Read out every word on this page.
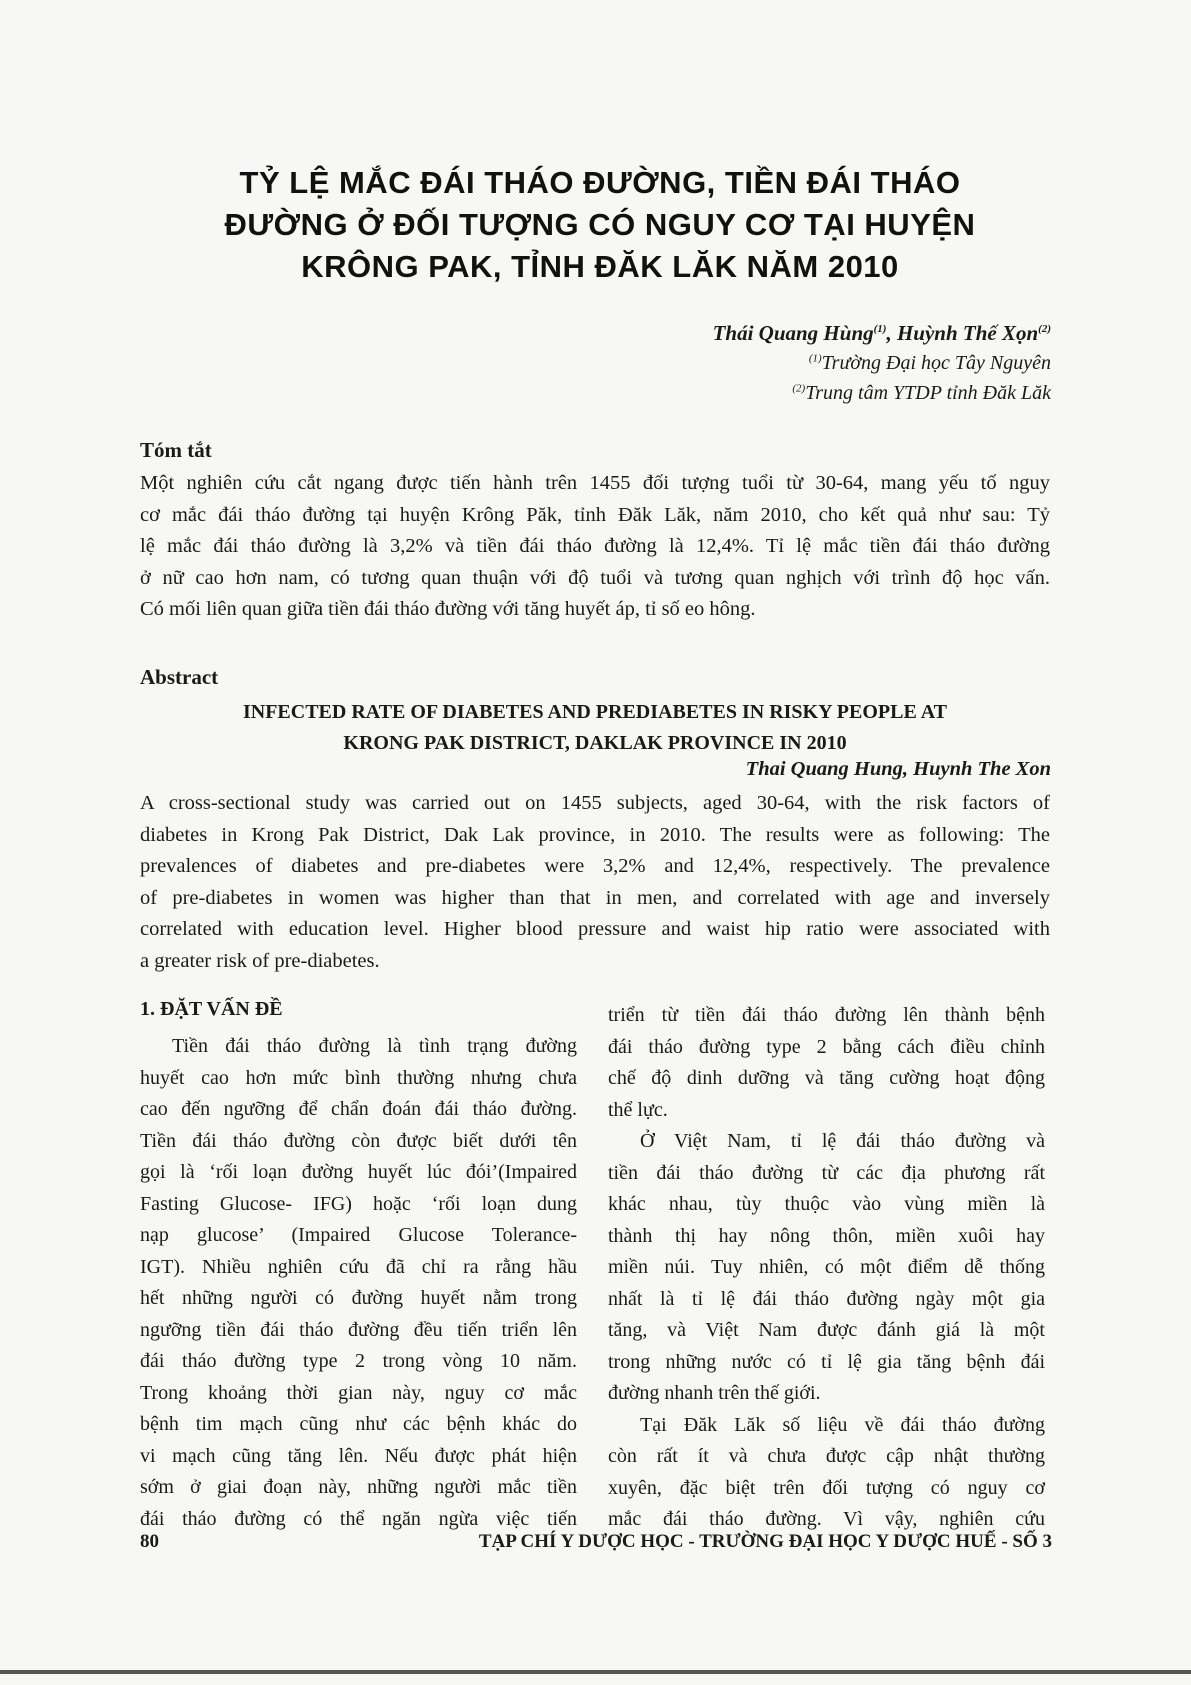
TỶ LỆ MẮC ĐÁI THÁO ĐƯỜNG, TIỀN ĐÁI THÁO
ĐƯỜNG Ở ĐỐI TƯỢNG CÓ NGUY CƠ TẠI HUYỆN
KRÔNG PAK, TỈNH ĐĂK LĂK NĂM 2010
Thái Quang Hùng$^{(1)}$, Huỳnh Thế Xọn$^{(2)}$
$^{(1)}$Trường Đại học Tây Nguyên
$^{(2)}$Trung tâm YTDP tỉnh Đăk Lăk
Tóm tắt
Một nghiên cứu cắt ngang được tiến hành trên 1455 đối tượng tuổi từ 30-64, mang yếu tố nguy
cơ mắc đái tháo đường tại huyện Krông Păk, tỉnh Đăk Lăk, năm 2010, cho kết quả như sau: Tỷ
lệ mắc đái tháo đường là 3,2% và tiền đái tháo đường là 12,4%. Tỉ lệ mắc tiền đái tháo đường
ở nữ cao hơn nam, có tương quan thuận với độ tuổi và tương quan nghịch với trình độ học vấn.
Có mối liên quan giữa tiền đái tháo đường với tăng huyết áp, tỉ số eo hông.
Abstract
INFECTED RATE OF DIABETES AND PREDIABETES IN RISKY PEOPLE AT
KRONG PAK DISTRICT, DAKLAK PROVINCE IN 2010
Thai Quang Hung, Huynh The Xon
A cross-sectional study was carried out on 1455 subjects, aged 30-64, with the risk factors of
diabetes in Krong Pak District, Dak Lak province, in 2010. The results were as following: The
prevalences of diabetes and pre-diabetes were 3,2% and 12,4%, respectively. The prevalence
of pre-diabetes in women was higher than that in men, and correlated with age and inversely
correlated with education level. Higher blood pressure and waist hip ratio were associated with
a greater risk of pre-diabetes.
1. ĐẶT VẤN ĐỀ
Tiền đái tháo đường là tình trạng đường
huyết cao hơn mức bình thường nhưng chưa
cao đến ngưỡng để chẩn đoán đái tháo đường.
Tiền đái tháo đường còn được biết dưới tên
gọi là ‘rối loạn đường huyết lúc đói’(Impaired
Fasting Glucose- IFG) hoặc ‘rối loạn dung
nạp glucose’ (Impaired Glucose Tolerance-
IGT). Nhiều nghiên cứu đã chỉ ra rằng hầu
hết những người có đường huyết nằm trong
ngưỡng tiền đái tháo đường đều tiến triển lên
đái tháo đường type 2 trong vòng 10 năm.
Trong khoảng thời gian này, nguy cơ mắc
bệnh tim mạch cũng như các bệnh khác do
vi mạch cũng tăng lên. Nếu được phát hiện
sớm ở giai đoạn này, những người mắc tiền
đái tháo đường có thể ngăn ngừa việc tiến
triển từ tiền đái tháo đường lên thành bệnh
đái tháo đường type 2 bằng cách điều chỉnh
chế độ dinh dưỡng và tăng cường hoạt động
thể lực.
Ở Việt Nam, tỉ lệ đái tháo đường và
tiền đái tháo đường từ các địa phương rất
khác nhau, tùy thuộc vào vùng miền là
thành thị hay nông thôn, miền xuôi hay
miền núi. Tuy nhiên, có một điểm dễ thống
nhất là tỉ lệ đái tháo đường ngày một gia
tăng, và Việt Nam được đánh giá là một
trong những nước có tỉ lệ gia tăng bệnh đái
đường nhanh trên thế giới.
Tại Đăk Lăk số liệu về đái tháo đường
còn rất ít và chưa được cập nhật thường
xuyên, đặc biệt trên đối tượng có nguy cơ
mắc đái tháo đường. Vì vậy, nghiên cứu
80	TẠP CHÍ Y DƯỢC HỌC - TRƯỜNG ĐẠI HỌC Y DƯỢC HUẾ - SỐ 3
